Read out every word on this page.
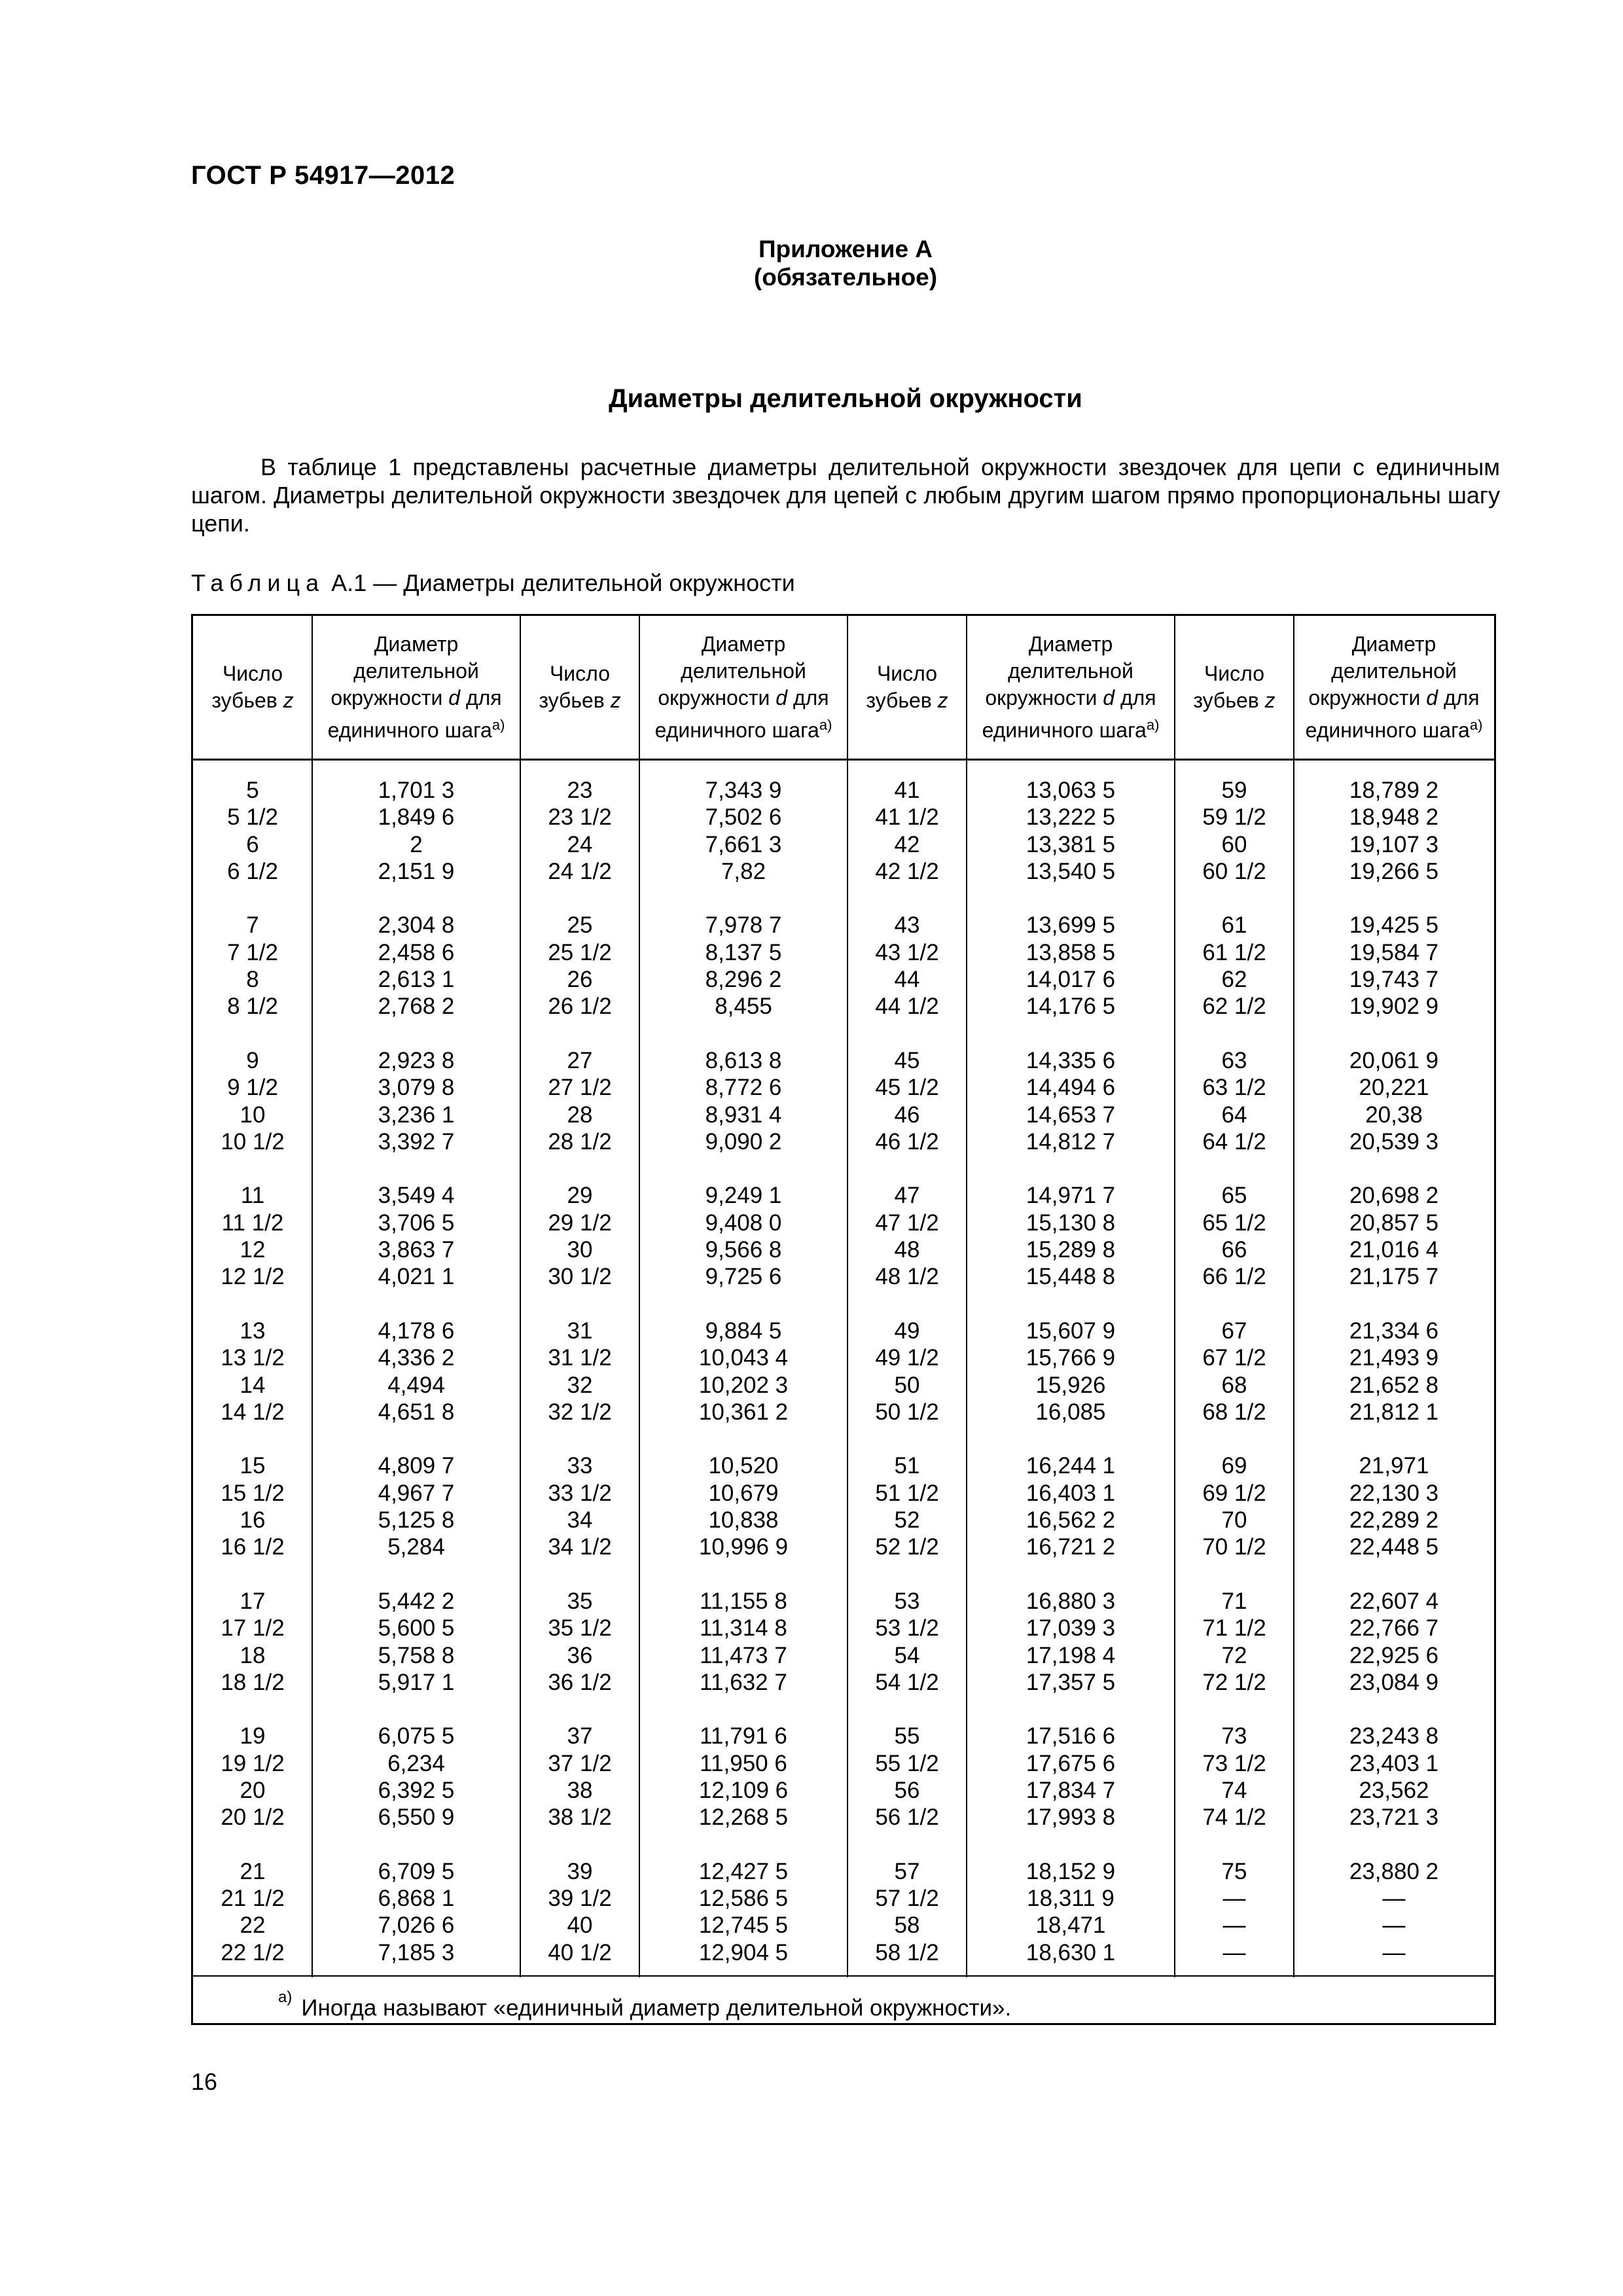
ГОСТ Р 54917—2012
Приложение А
(обязательное)
Диаметры делительной окружности

В таблице 1 представлены расчетные диаметры делительной окружности звездочек для цепи с единичным шагом. Диаметры делительной окружности звездочек для цепей с любым другим шагом прямо пропорциональны шагу цепи.

Таблица А.1 — Диаметры делительной окружности
Число
зубьев z
Диаметр
делительной
окружности d для
единичного шага$^{а)}$
Число
зубьев z
Диаметр
делительной
окружности d для
единичного шага$^{а)}$
Число
зубьев z
Диаметр
делительной
окружности d для
единичного шага$^{а)}$
Число
зубьев z
Диаметр
делительной
окружности d для
единичного шага$^{а)}$
5
5 1/2
6
6 1/2
7
7 1/2
8
8 1/2
9
9 1/2
10
10 1/2
11
11 1/2
12
12 1/2
13
13 1/2
14
14 1/2
15
15 1/2
16
16 1/2
17
17 1/2
18
18 1/2
19
19 1/2
20
20 1/2
21
21 1/2
22
22 1/2
1,701 3
1,849 6
2
2,151 9
2,304 8
2,458 6
2,613 1
2,768 2
2,923 8
3,079 8
3,236 1
3,392 7
3,549 4
3,706 5
3,863 7
4,021 1
4,178 6
4,336 2
4,494
4,651 8
4,809 7
4,967 7
5,125 8
5,284
5,442 2
5,600 5
5,758 8
5,917 1
6,075 5
6,234
6,392 5
6,550 9
6,709 5
6,868 1
7,026 6
7,185 3
23
23 1/2
24
24 1/2
25
25 1/2
26
26 1/2
27
27 1/2
28
28 1/2
29
29 1/2
30
30 1/2
31
31 1/2
32
32 1/2
33
33 1/2
34
34 1/2
35
35 1/2
36
36 1/2
37
37 1/2
38
38 1/2
39
39 1/2
40
40 1/2
7,343 9
7,502 6
7,661 3
7,82
7,978 7
8,137 5
8,296 2
8,455
8,613 8
8,772 6
8,931 4
9,090 2
9,249 1
9,408 0
9,566 8
9,725 6
9,884 5
10,043 4
10,202 3
10,361 2
10,520
10,679
10,838
10,996 9
11,155 8
11,314 8
11,473 7
11,632 7
11,791 6
11,950 6
12,109 6
12,268 5
12,427 5
12,586 5
12,745 5
12,904 5
41
41 1/2
42
42 1/2
43
43 1/2
44
44 1/2
45
45 1/2
46
46 1/2
47
47 1/2
48
48 1/2
49
49 1/2
50
50 1/2
51
51 1/2
52
52 1/2
53
53 1/2
54
54 1/2
55
55 1/2
56
56 1/2
57
57 1/2
58
58 1/2
13,063 5
13,222 5
13,381 5
13,540 5
13,699 5
13,858 5
14,017 6
14,176 5
14,335 6
14,494 6
14,653 7
14,812 7
14,971 7
15,130 8
15,289 8
15,448 8
15,607 9
15,766 9
15,926
16,085
16,244 1
16,403 1
16,562 2
16,721 2
16,880 3
17,039 3
17,198 4
17,357 5
17,516 6
17,675 6
17,834 7
17,993 8
18,152 9
18,311 9
18,471
18,630 1
59
59 1/2
60
60 1/2
61
61 1/2
62
62 1/2
63
63 1/2
64
64 1/2
65
65 1/2
66
66 1/2
67
67 1/2
68
68 1/2
69
69 1/2
70
70 1/2
71
71 1/2
72
72 1/2
73
73 1/2
74
74 1/2
75
—
—
—
18,789 2
18,948 2
19,107 3
19,266 5
19,425 5
19,584 7
19,743 7
19,902 9
20,061 9
20,221
20,38
20,539 3
20,698 2
20,857 5
21,016 4
21,175 7
21,334 6
21,493 9
21,652 8
21,812 1
21,971
22,130 3
22,289 2
22,448 5
22,607 4
22,766 7
22,925 6
23,084 9
23,243 8
23,403 1
23,562
23,721 3
23,880 2
—
—
—
$^{а)}$ Иногда называют «единичный диаметр делительной окружности».
16
